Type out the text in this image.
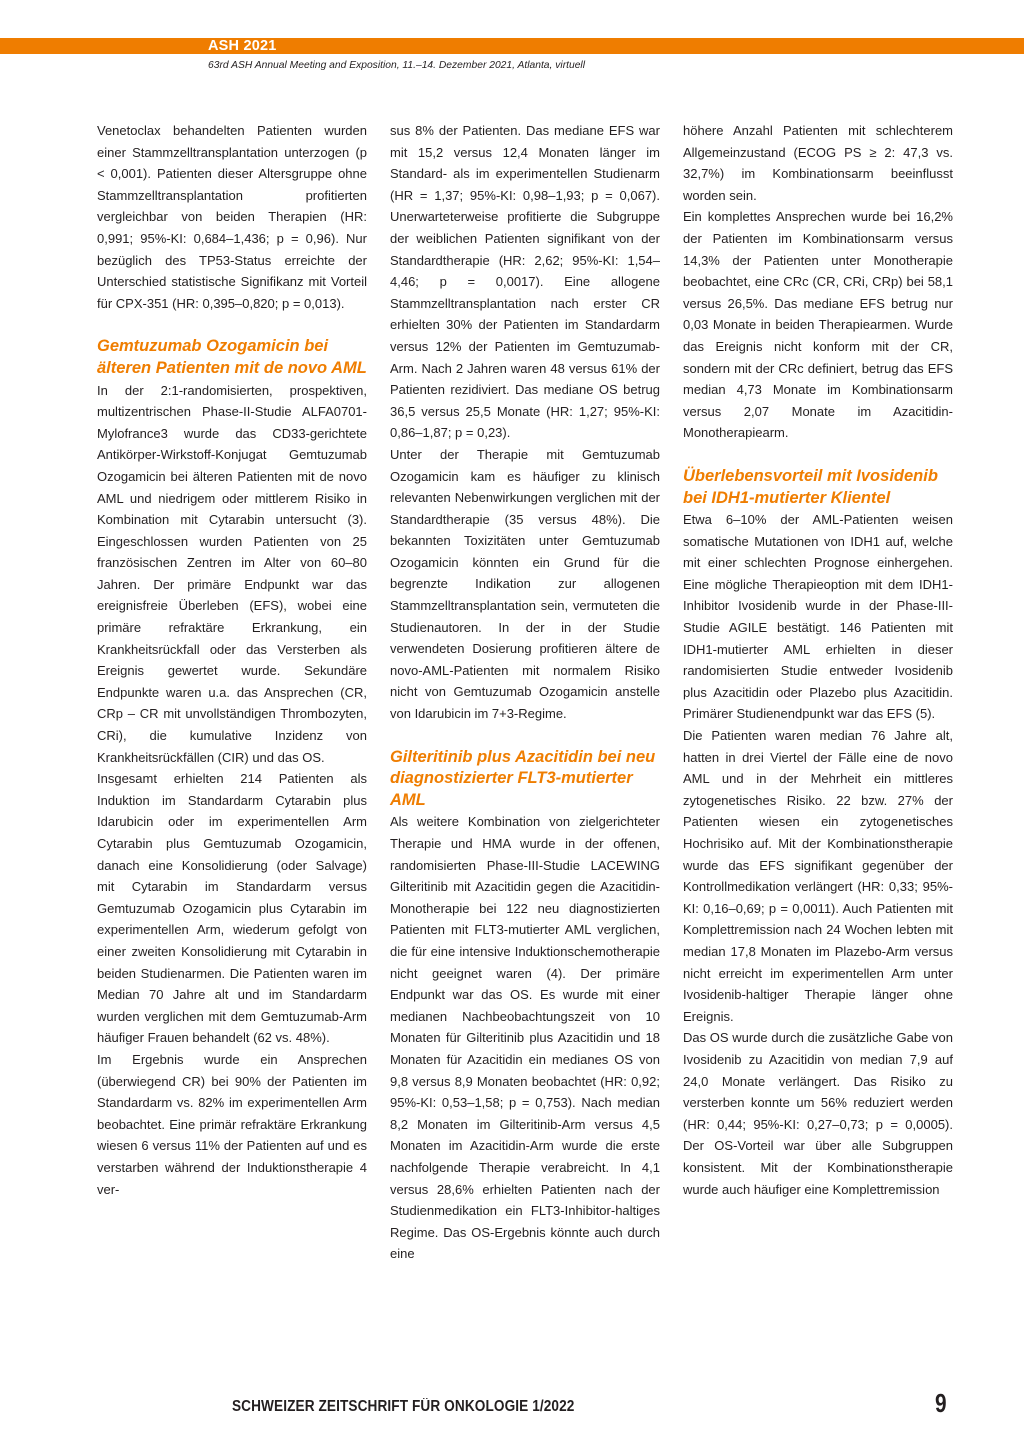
ASH 2021
63rd ASH Annual Meeting and Exposition, 11.–14. Dezember 2021, Atlanta, virtuell

Venetoclax behandelten Patienten wurden einer Stammzelltransplantation unterzogen (p < 0,001). Patienten dieser Altersgruppe ohne Stammzelltransplantation profitierten vergleichbar von beiden Therapien (HR: 0,991; 95%-KI: 0,684–1,436; p = 0,96). Nur bezüglich des TP53-Status erreichte der Unterschied statistische Signifikanz mit Vorteil für CPX-351 (HR: 0,395–0,820; p = 0,013).

Gemtuzumab Ozogamicin bei älteren Patienten mit de novo AML

In der 2:1-randomisierten, prospektiven, multizentrischen Phase-II-Studie ALFA0701-Mylofrance3 wurde das CD33-gerichtete Antikörper-Wirkstoff-Konjugat Gemtuzumab Ozogamicin bei älteren Patienten mit de novo AML und niedrigem oder mittlerem Risiko in Kombination mit Cytarabin untersucht (3). Eingeschlossen wurden Patienten von 25 französischen Zentren im Alter von 60–80 Jahren. Der primäre Endpunkt war das ereignisfreie Überleben (EFS), wobei eine primäre refraktäre Erkrankung, ein Krankheitsrückfall oder das Versterben als Ereignis gewertet wurde. Sekundäre Endpunkte waren u.a. das Ansprechen (CR, CRp – CR mit unvollständigen Thrombozyten, CRi), die kumulative Inzidenz von Krankheitsrückfällen (CIR) und das OS.

Insgesamt erhielten 214 Patienten als Induktion im Standardarm Cytarabin plus Idarubicin oder im experimentellen Arm Cytarabin plus Gemtuzumab Ozogamicin, danach eine Konsolidierung (oder Salvage) mit Cytarabin im Standardarm versus Gemtuzumab Ozogamicin plus Cytarabin im experimentellen Arm, wiederum gefolgt von einer zweiten Konsolidierung mit Cytarabin in beiden Studienarmen. Die Patienten waren im Median 70 Jahre alt und im Standardarm wurden verglichen mit dem Gemtuzumab-Arm häufiger Frauen behandelt (62 vs. 48%).

Im Ergebnis wurde ein Ansprechen (überwiegend CR) bei 90% der Patienten im Standardarm vs. 82% im experimentellen Arm beobachtet. Eine primär refraktäre Erkrankung wiesen 6 versus 11% der Patienten auf und es verstarben während der Induktionstherapie 4 ver-

sus 8% der Patienten. Das mediane EFS war mit 15,2 versus 12,4 Monaten länger im Standard- als im experimentellen Studienarm (HR = 1,37; 95%-KI: 0,98–1,93; p = 0,067). Unerwarteterweise profitierte die Subgruppe der weiblichen Patienten signifikant von der Standardtherapie (HR: 2,62; 95%-KI: 1,54–4,46; p = 0,0017). Eine allogene Stammzelltransplantation nach erster CR erhielten 30% der Patienten im Standardarm versus 12% der Patienten im Gemtuzumab-Arm. Nach 2 Jahren waren 48 versus 61% der Patienten rezidiviert. Das mediane OS betrug 36,5 versus 25,5 Monate (HR: 1,27; 95%-KI: 0,86–1,87; p = 0,23).

Unter der Therapie mit Gemtuzumab Ozogamicin kam es häufiger zu klinisch relevanten Nebenwirkungen verglichen mit der Standardtherapie (35 versus 48%). Die bekannten Toxizitäten unter Gemtuzumab Ozogamicin könnten ein Grund für die begrenzte Indikation zur allogenen Stammzelltransplantation sein, vermuteten die Studienautoren. In der in der Studie verwendeten Dosierung profitieren ältere de novo-AML-Patienten mit normalem Risiko nicht von Gemtuzumab Ozogamicin anstelle von Idarubicin im 7+3-Regime.

Gilteritinib plus Azacitidin bei neu diagnostizierter FLT3-mutierter AML

Als weitere Kombination von zielgerichteter Therapie und HMA wurde in der offenen, randomisierten Phase-III-Studie LACEWING Gilteritinib mit Azacitidin gegen die Azacitidin-Monotherapie bei 122 neu diagnostizierten Patienten mit FLT3-mutierter AML verglichen, die für eine intensive Induktionschemotherapie nicht geeignet waren (4). Der primäre Endpunkt war das OS. Es wurde mit einer medianen Nachbeobachtungszeit von 10 Monaten für Gilteritinib plus Azacitidin und 18 Monaten für Azacitidin ein medianes OS von 9,8 versus 8,9 Monaten beobachtet (HR: 0,92; 95%-KI: 0,53–1,58; p = 0,753). Nach median 8,2 Monaten im Gilteritinib-Arm versus 4,5 Monaten im Azacitidin-Arm wurde die erste nachfolgende Therapie verabreicht. In 4,1 versus 28,6% erhielten Patienten nach der Studienmedikation ein FLT3-Inhibitor-haltiges Regime. Das OS-Ergebnis könnte auch durch eine

höhere Anzahl Patienten mit schlechterem Allgemeinzustand (ECOG PS ≥ 2: 47,3 vs. 32,7%) im Kombinationsarm beeinflusst worden sein.

Ein komplettes Ansprechen wurde bei 16,2% der Patienten im Kombinationsarm versus 14,3% der Patienten unter Monotherapie beobachtet, eine CRc (CR, CRi, CRp) bei 58,1 versus 26,5%. Das mediane EFS betrug nur 0,03 Monate in beiden Therapiearmen. Wurde das Ereignis nicht konform mit der CR, sondern mit der CRc definiert, betrug das EFS median 4,73 Monate im Kombinationsarm versus 2,07 Monate im Azacitidin-Monotherapiearm.

Überlebensvorteil mit Ivosidenib bei IDH1-mutierter Klientel

Etwa 6–10% der AML-Patienten weisen somatische Mutationen von IDH1 auf, welche mit einer schlechten Prognose einhergehen. Eine mögliche Therapieoption mit dem IDH1-Inhibitor Ivosidenib wurde in der Phase-III-Studie AGILE bestätigt. 146 Patienten mit IDH1-mutierter AML erhielten in dieser randomisierten Studie entweder Ivosidenib plus Azacitidin oder Plazebo plus Azacitidin. Primärer Studienendpunkt war das EFS (5).

Die Patienten waren median 76 Jahre alt, hatten in drei Viertel der Fälle eine de novo AML und in der Mehrheit ein mittleres zytogenetisches Risiko. 22 bzw. 27% der Patienten wiesen ein zytogenetisches Hochrisiko auf. Mit der Kombinationstherapie wurde das EFS signifikant gegenüber der Kontrollmedikation verlängert (HR: 0,33; 95%-KI: 0,16–0,69; p = 0,0011). Auch Patienten mit Komplettremission nach 24 Wochen lebten mit median 17,8 Monaten im Plazebo-Arm versus nicht erreicht im experimentellen Arm unter Ivosidenib-haltiger Therapie länger ohne Ereignis.

Das OS wurde durch die zusätzliche Gabe von Ivosidenib zu Azacitidin von median 7,9 auf 24,0 Monate verlängert. Das Risiko zu versterben konnte um 56% reduziert werden (HR: 0,44; 95%-KI: 0,27–0,73; p = 0,0005). Der OS-Vorteil war über alle Subgruppen konsistent. Mit der Kombinationstherapie wurde auch häufiger eine Komplettremission

SCHWEIZER ZEITSCHRIFT FÜR ONKOLOGIE 1/2022	9
